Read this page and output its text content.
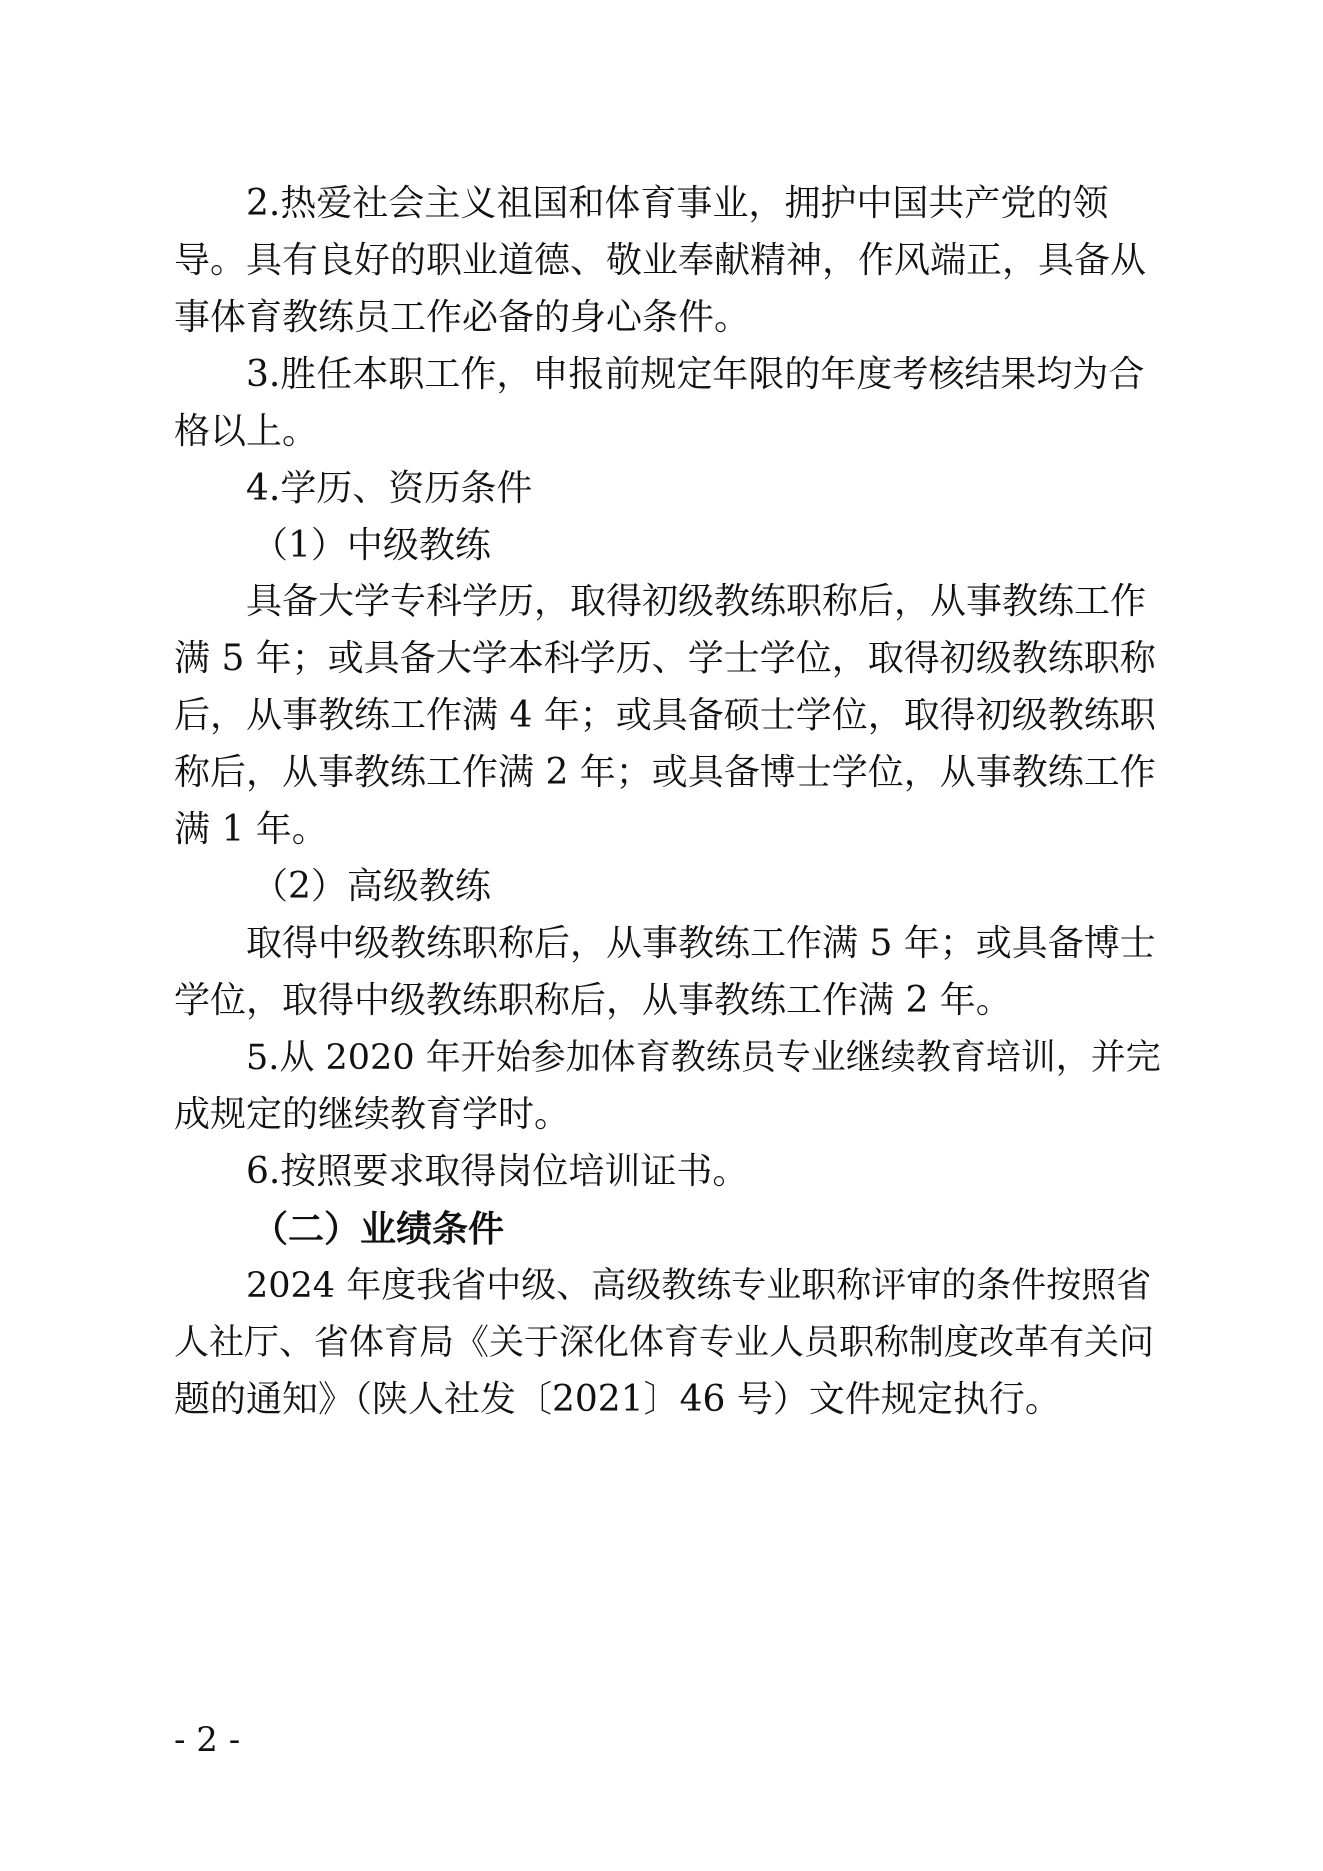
2.热爱社会主义祖国和体育事业，拥护中国共产党的领
导。具有良好的职业道德、敬业奉献精神，作风端正，具备从
事体育教练员工作必备的身心条件。
3.胜任本职工作，申报前规定年限的年度考核结果均为合
格以上。
4.学历、资历条件
（1）中级教练
具备大学专科学历，取得初级教练职称后，从事教练工作
满 5 年；或具备大学本科学历、学士学位，取得初级教练职称
后，从事教练工作满 4 年；或具备硕士学位，取得初级教练职
称后，从事教练工作满 2 年；或具备博士学位，从事教练工作
满 1 年。
（2）高级教练
取得中级教练职称后，从事教练工作满 5 年；或具备博士
学位，取得中级教练职称后，从事教练工作满 2 年。
5.从 2020 年开始参加体育教练员专业继续教育培训，并完
成规定的继续教育学时。
6.按照要求取得岗位培训证书。
（二）业绩条件
2024 年度我省中级、高级教练专业职称评审的条件按照省
人社厅、省体育局《关于深化体育专业人员职称制度改革有关问
题的通知》（陕人社发〔2021〕46 号）文件规定执行。
- 2 -
